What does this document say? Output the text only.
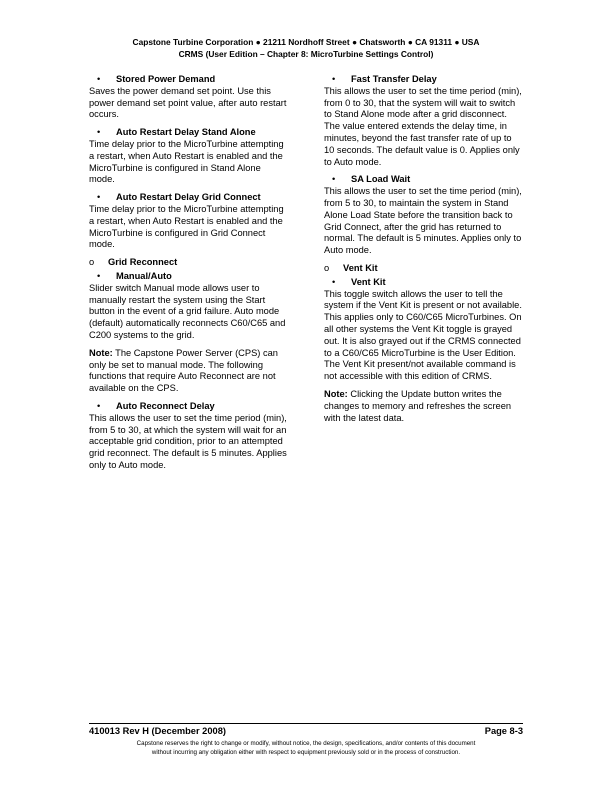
Capstone Turbine Corporation ● 21211 Nordhoff Street ● Chatsworth ● CA 91311 ● USA
CRMS (User Edition – Chapter 8: MicroTurbine Settings Control)
• Stored Power Demand

Saves the power demand set point. Use this power demand set point value, after auto restart occurs.

• Auto Restart Delay Stand Alone

Time delay prior to the MicroTurbine attempting a restart, when Auto Restart is enabled and the MicroTurbine is configured in Stand Alone mode.

• Auto Restart Delay Grid Connect

Time delay prior to the MicroTurbine attempting a restart, when Auto Restart is enabled and the MicroTurbine is configured in Grid Connect mode.

o Grid Reconnect
• Manual/Auto

Slider switch Manual mode allows user to manually restart the system using the Start button in the event of a grid failure. Auto mode (default) automatically reconnects C60/C65 and C200 systems to the grid.

Note: The Capstone Power Server (CPS) can only be set to manual mode. The following functions that require Auto Reconnect are not available on the CPS.

• Auto Reconnect Delay

This allows the user to set the time period (min), from 5 to 30, at which the system will wait for an acceptable grid condition, prior to an attempted grid reconnect. The default is 5 minutes. Applies only to Auto mode.

• Fast Transfer Delay

This allows the user to set the time period (min), from 0 to 30, that the system will wait to switch to Stand Alone mode after a grid disconnect. The value entered extends the delay time, in minutes, beyond the fast transfer rate of up to 10 seconds. The default value is 0. Applies only to Auto mode.

• SA Load Wait

This allows the user to set the time period (min), from 5 to 30, to maintain the system in Stand Alone Load State before the transition back to Grid Connect, after the grid has returned to normal. The default is 5 minutes. Applies only to Auto mode.

o Vent Kit
• Vent Kit

This toggle switch allows the user to tell the system if the Vent Kit is present or not available. This applies only to C60/C65 MicroTurbines. On all other systems the Vent Kit toggle is grayed out. It is also grayed out if the CRMS connected to a C60/C65 MicroTurbine is the User Edition. The Vent Kit present/not available command is not accessible with this edition of CRMS.

Note: Clicking the Update button writes the changes to memory and refreshes the screen with the latest data.

410013 Rev H (December 2008)	Page 8-3
Capstone reserves the right to change or modify, without notice, the design, specifications, and/or contents of this document
without incurring any obligation either with respect to equipment previously sold or in the process of construction.
